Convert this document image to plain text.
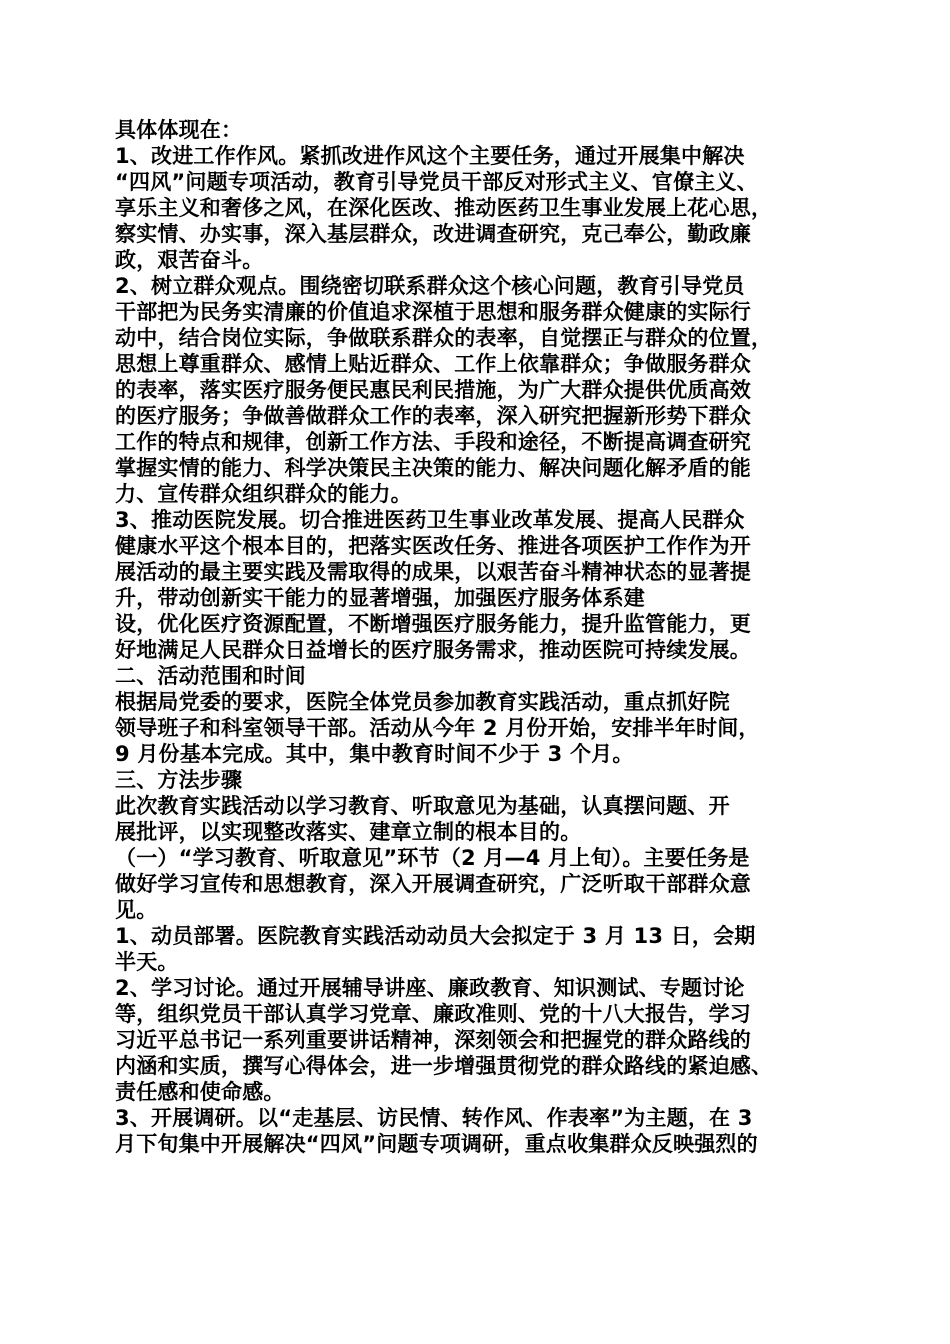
具体体现在：
1、改进工作作风。紧抓改进作风这个主要任务，通过开展集中解决
“四风”问题专项活动，教育引导党员干部反对形式主义、官僚主义、
享乐主义和奢侈之风，在深化医改、推动医药卫生事业发展上花心思，
察实情、办实事，深入基层群众，改进调查研究，克己奉公，勤政廉
政，艰苦奋斗。
2、树立群众观点。围绕密切联系群众这个核心问题，教育引导党员
干部把为民务实清廉的价值追求深植于思想和服务群众健康的实际行
动中，结合岗位实际，争做联系群众的表率，自觉摆正与群众的位置，
思想上尊重群众、感情上贴近群众、工作上依靠群众；争做服务群众
的表率，落实医疗服务便民惠民利民措施，为广大群众提供优质高效
的医疗服务；争做善做群众工作的表率，深入研究把握新形势下群众
工作的特点和规律，创新工作方法、手段和途径，不断提高调查研究
掌握实情的能力、科学决策民主决策的能力、解决问题化解矛盾的能
力、宣传群众组织群众的能力。
3、推动医院发展。切合推进医药卫生事业改革发展、提高人民群众
健康水平这个根本目的，把落实医改任务、推进各项医护工作作为开
展活动的最主要实践及需取得的成果，以艰苦奋斗精神状态的显著提
升，带动创新实干能力的显著增强，加强医疗服务体系建
设，优化医疗资源配置，不断增强医疗服务能力，提升监管能力，更
好地满足人民群众日益增长的医疗服务需求，推动医院可持续发展。
二、活动范围和时间
根据局党委的要求，医院全体党员参加教育实践活动，重点抓好院
领导班子和科室领导干部。活动从今年 2 月份开始，安排半年时间，
9 月份基本完成。其中，集中教育时间不少于 3 个月。
三、方法步骤
此次教育实践活动以学习教育、听取意见为基础，认真摆问题、开
展批评，以实现整改落实、建章立制的根本目的。
（一）“学习教育、听取意见”环节（2 月—4 月上旬）。主要任务是
做好学习宣传和思想教育，深入开展调查研究，广泛听取干部群众意
见。
1、动员部署。医院教育实践活动动员大会拟定于 3 月 13 日，会期
半天。
2、学习讨论。通过开展辅导讲座、廉政教育、知识测试、专题讨论
等，组织党员干部认真学习党章、廉政准则、党的十八大报告，学习
习近平总书记一系列重要讲话精神，深刻领会和把握党的群众路线的
内涵和实质，撰写心得体会，进一步增强贯彻党的群众路线的紧迫感、
责任感和使命感。
3、开展调研。以“走基层、访民情、转作风、作表率”为主题，在 3
月下旬集中开展解决“四风”问题专项调研，重点收集群众反映强烈的
